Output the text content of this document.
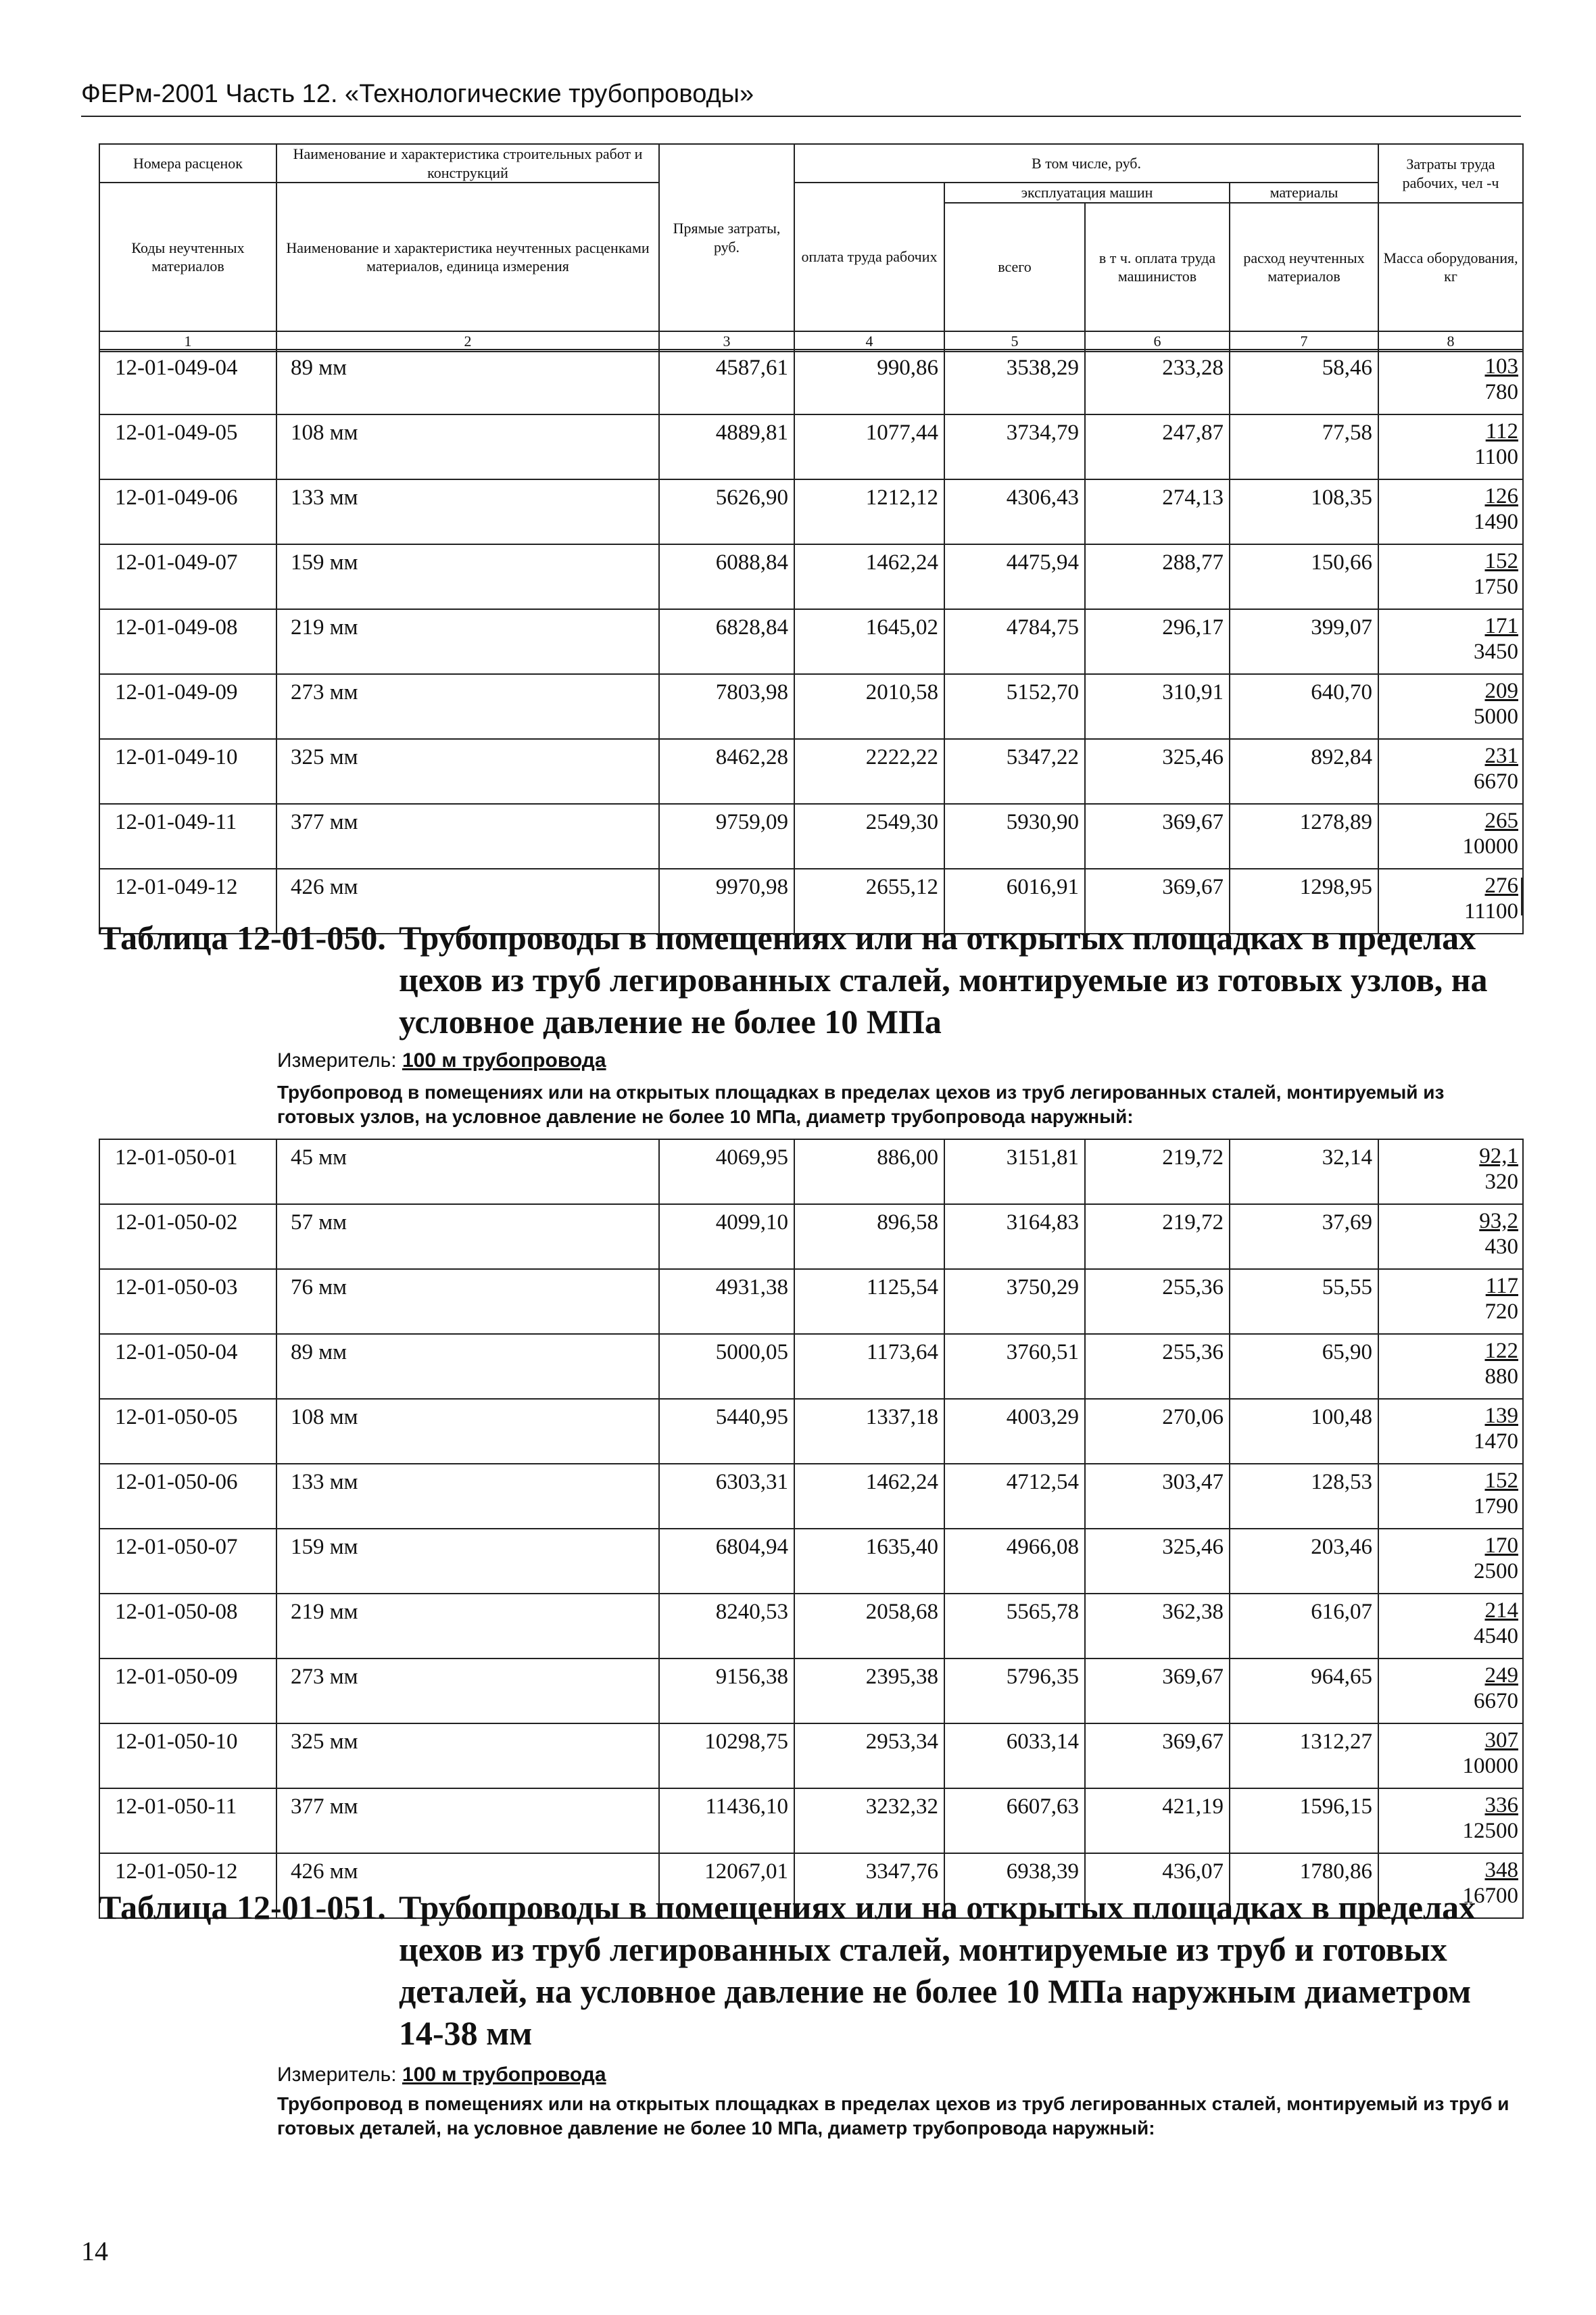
ФЕРм-2001 Часть 12. «Технологические трубопроводы»
Номера расценок	Наименование и характеристика строительных работ и конструкций	Прямые затраты, руб.	В том числе, руб.				Затраты труда рабочих, чел -ч
Коды неучтенных материалов	Наименование и характеристика неучтенных расценками материалов, единица измерения		оплата труда рабочих	эксплуатация машин		материалы	
				всего	в т ч. оплата труда машинистов	расход неучтенных материалов	Масса оборудования, кг
1	2	3	4	5	6	7	8
12-01-049-04	89 мм	4587,61	990,86	3538,29	233,28	58,46	103
780

12-01-049-05	108 мм	4889,81	1077,44	3734,79	247,87	77,58	112
1100

12-01-049-06	133 мм	5626,90	1212,12	4306,43	274,13	108,35	126
1490

12-01-049-07	159 мм	6088,84	1462,24	4475,94	288,77	150,66	152
1750

12-01-049-08	219 мм	6828,84	1645,02	4784,75	296,17	399,07	171
3450

12-01-049-09	273 мм	7803,98	2010,58	5152,70	310,91	640,70	209
5000

12-01-049-10	325 мм	8462,28	2222,22	5347,22	325,46	892,84	231
6670

12-01-049-11	377 мм	9759,09	2549,30	5930,90	369,67	1278,89	265
10000

12-01-049-12	426 мм	9970,98	2655,12	6016,91	369,67	1298,95	276
11100
Таблица 12-01-050. Трубопроводы в помещениях или на открытых площадках в пределах цехов из труб легированных сталей, монтируемые из готовых узлов, на условное давление не более 10 МПа
Измеритель: 100 м трубопровода
Трубопровод в помещениях или на открытых площадках в пределах цехов из труб легированных сталей, монтируемый из готовых узлов, на условное давление не более 10 МПа, диаметр трубопровода наружный:
12-01-050-01	45 мм	4069,95	886,00	3151,81	219,72	32,14	92,1
320

12-01-050-02	57 мм	4099,10	896,58	3164,83	219,72	37,69	93,2
430

12-01-050-03	76 мм	4931,38	1125,54	3750,29	255,36	55,55	117
720

12-01-050-04	89 мм	5000,05	1173,64	3760,51	255,36	65,90	122
880

12-01-050-05	108 мм	5440,95	1337,18	4003,29	270,06	100,48	139
1470

12-01-050-06	133 мм	6303,31	1462,24	4712,54	303,47	128,53	152
1790

12-01-050-07	159 мм	6804,94	1635,40	4966,08	325,46	203,46	170
2500

12-01-050-08	219 мм	8240,53	2058,68	5565,78	362,38	616,07	214
4540

12-01-050-09	273 мм	9156,38	2395,38	5796,35	369,67	964,65	249
6670

12-01-050-10	325 мм	10298,75	2953,34	6033,14	369,67	1312,27	307
10000

12-01-050-11	377 мм	11436,10	3232,32	6607,63	421,19	1596,15	336
12500

12-01-050-12	426 мм	12067,01	3347,76	6938,39	436,07	1780,86	348
16700
Таблица 12-01-051. Трубопроводы в помещениях или на открытых площадках в пределах цехов из труб легированных сталей, монтируемые из труб и готовых деталей, на условное давление не более 10 МПа наружным диаметром 14-38 мм
Измеритель: 100 м трубопровода
Трубопровод в помещениях или на открытых площадках в пределах цехов из труб легированных сталей, монтируемый из труб и готовых деталей, на условное давление не более 10 МПа, диаметр трубопровода наружный:
14
